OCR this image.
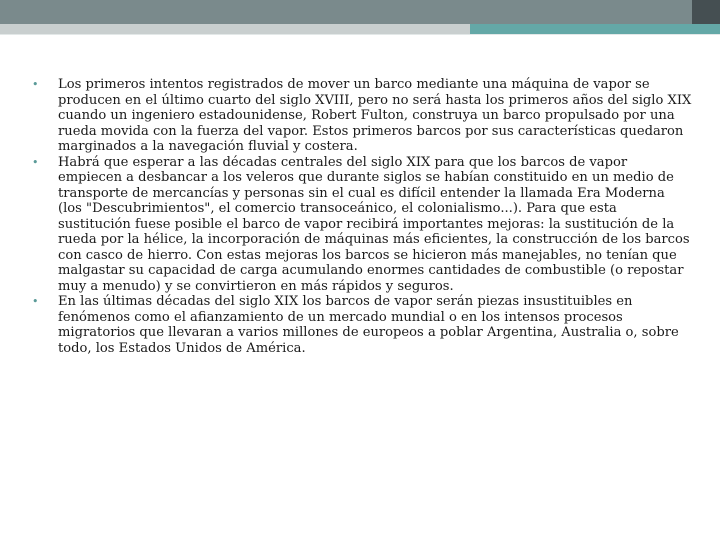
• Los primeros intentos registrados de mover un barco mediante una máquina de vapor se producen en el último cuarto del siglo XVIII, pero no será hasta los primeros años del siglo XIX cuando un ingeniero estadounidense, Robert Fulton, construya un barco propulsado por una rueda movida con la fuerza del vapor. Estos primeros barcos por sus características quedaron marginados a la navegación fluvial y costera.
• Habrá que esperar a las décadas centrales del siglo XIX para que los barcos de vapor empiecen a desbancar a los veleros que durante siglos se habían constituido en un medio de transporte de mercancías y personas sin el cual es difícil entender la llamada Era Moderna (los "Descubrimientos", el comercio transoceánico, el colonialismo...). Para que esta sustitución fuese posible el barco de vapor recibirá importantes mejoras: la sustitución de la rueda por la hélice, la incorporación de máquinas más eficientes, la construcción de los barcos con casco de hierro. Con estas mejoras los barcos se hicieron más manejables, no tenían que malgastar su capacidad de carga acumulando enormes cantidades de combustible (o repostar muy a menudo) y se convirtieron en más rápidos y seguros.
• En las últimas décadas del siglo XIX los barcos de vapor serán piezas insustituibles en fenómenos como el afianzamiento de un mercado mundial o en los intensos procesos migratorios que llevaran a varios millones de europeos a poblar Argentina, Australia o, sobre todo, los Estados Unidos de América.
